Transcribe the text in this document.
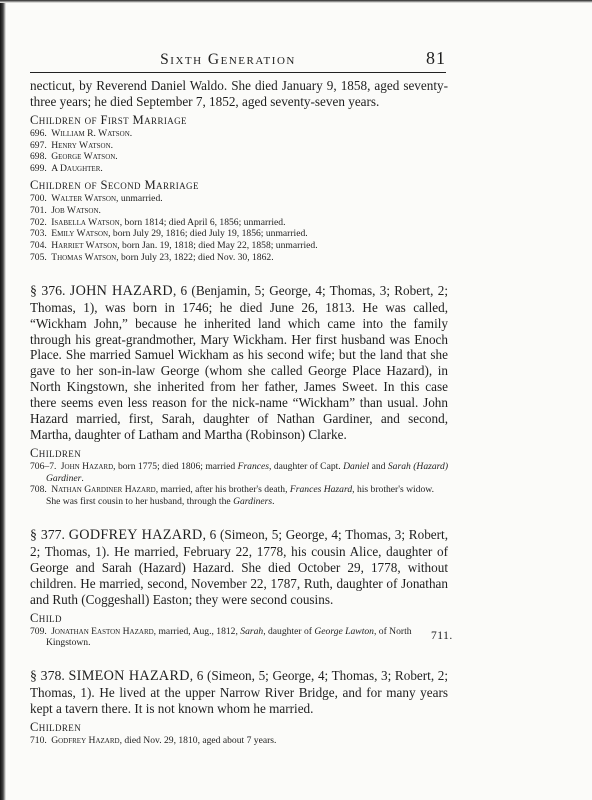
Sixth Generation	81

necticut, by Reverend Daniel Waldo. She died January 9, 1858, aged seventy-three years; he died September 7, 1852, aged seventy-seven years.

Children of First Marriage
696. William R. Watson.
697. Henry Watson.
698. George Watson.
699. A Daughter.
Children of Second Marriage
700. Walter Watson, unmarried.
701. Job Watson.
702. Isabella Watson, born 1814; died April 6, 1856; unmarried.
703. Emily Watson, born July 29, 1816; died July 19, 1856; unmarried.
704. Harriet Watson, born Jan. 19, 1818; died May 22, 1858; unmarried.
705. Thomas Watson, born July 23, 1822; died Nov. 30, 1862.

§ 376. JOHN HAZARD, 6 (Benjamin, 5; George, 4; Thomas, 3; Robert, 2; Thomas, 1), was born in 1746; he died June 26, 1813. He was called, “Wickham John,” because he inherited land which came into the family through his great-grandmother, Mary Wickham. Her first husband was Enoch Place. She married Samuel Wickham as his second wife; but the land that she gave to her son-in-law George (whom she called George Place Hazard), in North Kingstown, she inherited from her father, James Sweet. In this case there seems even less reason for the nick-name “Wickham” than usual. John Hazard married, first, Sarah, daughter of Nathan Gardiner, and second, Martha, daughter of Latham and Martha (Robinson) Clarke.

Children
706–7. John Hazard, born 1775; died 1806; married Frances, daughter of Capt. Daniel and Sarah (Hazard) Gardiner.
708. Nathan Gardiner Hazard, married, after his brother's death, Frances Hazard, his brother's widow. She was first cousin to her husband, through the Gardiners.

§ 377. GODFREY HAZARD, 6 (Simeon, 5; George, 4; Thomas, 3; Robert, 2; Thomas, 1). He married, February 22, 1778, his cousin Alice, daughter of George and Sarah (Hazard) Hazard. She died October 29, 1778, without children. He married, second, November 22, 1787, Ruth, daughter of Jonathan and Ruth (Coggeshall) Easton; they were second cousins.

Child
709. Jonathan Easton Hazard, married, Aug., 1812, Sarah, daughter of George Lawton, of North Kingstown.

§ 378. SIMEON HAZARD, 6 (Simeon, 5; George, 4; Thomas, 3; Robert, 2; Thomas, 1). He lived at the upper Narrow River Bridge, and for many years kept a tavern there. It is not known whom he married.

Children
710. Godfrey Hazard, died Nov. 29, 1810, aged about 7 years.
711.
